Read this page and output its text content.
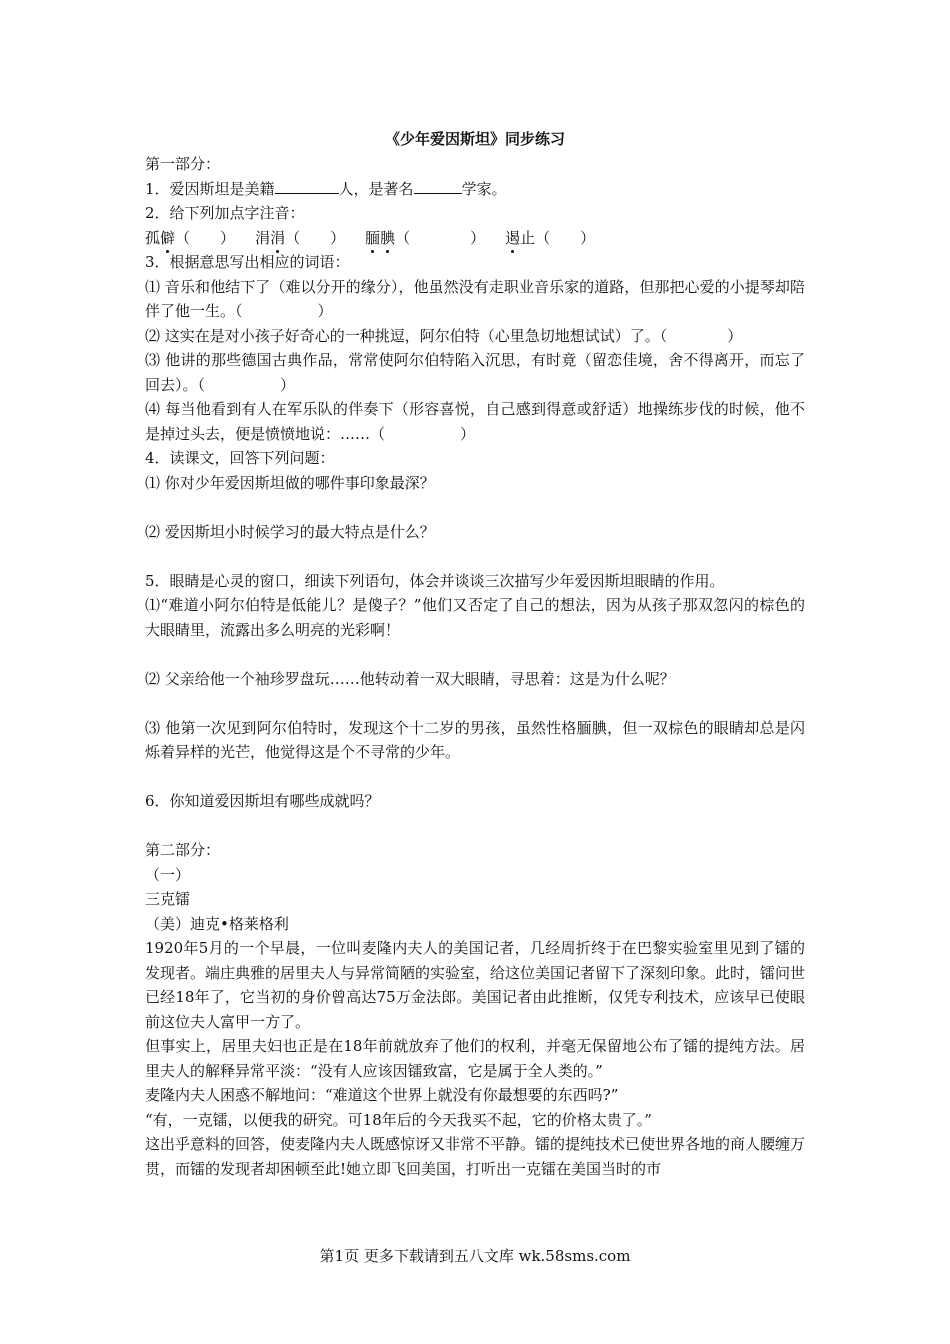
《少年爱因斯坦》同步练习
第一部分：
1．爱因斯坦是美籍	人，是著名	学家。
2．给下列加点字注音：
孤僻（　　） 涓涓（　　） 腼腆（　　　　） 遏止（　　）
3．根据意思写出相应的词语：

⑴ 音乐和他结下了（难以分开的缘分），他虽然没有走职业音乐家的道路，但那把心爱的小提琴却陪伴了他一生。（　　　　　）

⑵ 这实在是对小孩子好奇心的一种挑逗，阿尔伯特（心里急切地想试试）了。（　　　　）

⑶ 他讲的那些德国古典作品，常常使阿尔伯特陷入沉思，有时竟（留恋佳境，舍不得离开，而忘了回去）。（　　　　　）

⑷ 每当他看到有人在军乐队的伴奏下（形容喜悦，自己感到得意或舒适）地操练步伐的时候，他不是掉过头去，便是愤愤地说：……（　　　　　）

4．读课文，回答下列问题：
⑴ 你对少年爱因斯坦做的哪件事印象最深？
⑵ 爱因斯坦小时候学习的最大特点是什么？
5．眼睛是心灵的窗口，细读下列语句，体会并谈谈三次描写少年爱因斯坦眼睛的作用。

⑴“难道小阿尔伯特是低能儿？是傻子？”他们又否定了自己的想法，因为从孩子那双忽闪的棕色的大眼睛里，流露出多么明亮的光彩啊！

⑵ 父亲给他一个袖珍罗盘玩……他转动着一双大眼睛，寻思着：这是为什么呢？

⑶ 他第一次见到阿尔伯特时，发现这个十二岁的男孩，虽然性格腼腆，但一双棕色的眼睛却总是闪烁着异样的光芒，他觉得这是个不寻常的少年。

6．你知道爱因斯坦有哪些成就吗？
第二部分：
（一）
三克镭
（美）迪克•格莱格利

1920年5月的一个早晨，一位叫麦隆内夫人的美国记者，几经周折终于在巴黎实验室里见到了镭的发现者。端庄典雅的居里夫人与异常简陋的实验室，给这位美国记者留下了深刻印象。此时，镭问世已经18年了，它当初的身价曾高达75万金法郎。美国记者由此推断，仅凭专利技术，应该早已使眼前这位夫人富甲一方了。

但事实上，居里夫妇也正是在18年前就放弃了他们的权利，并毫无保留地公布了镭的提纯方法。居里夫人的解释异常平淡：“没有人应该因镭致富，它是属于全人类的。”

麦隆内夫人困惑不解地问：“难道这个世界上就没有你最想要的东西吗?”

“有，一克镭，以便我的研究。可18年后的今天我买不起，它的价格太贵了。”

这出乎意料的回答，使麦隆内夫人既感惊讶又非常不平静。镭的提纯技术已使世界各地的商人腰缠万贯，而镭的发现者却困顿至此!她立即飞回美国，打听出一克镭在美国当时的市

第1页 更多下载请到五八文库 wk.58sms.com
